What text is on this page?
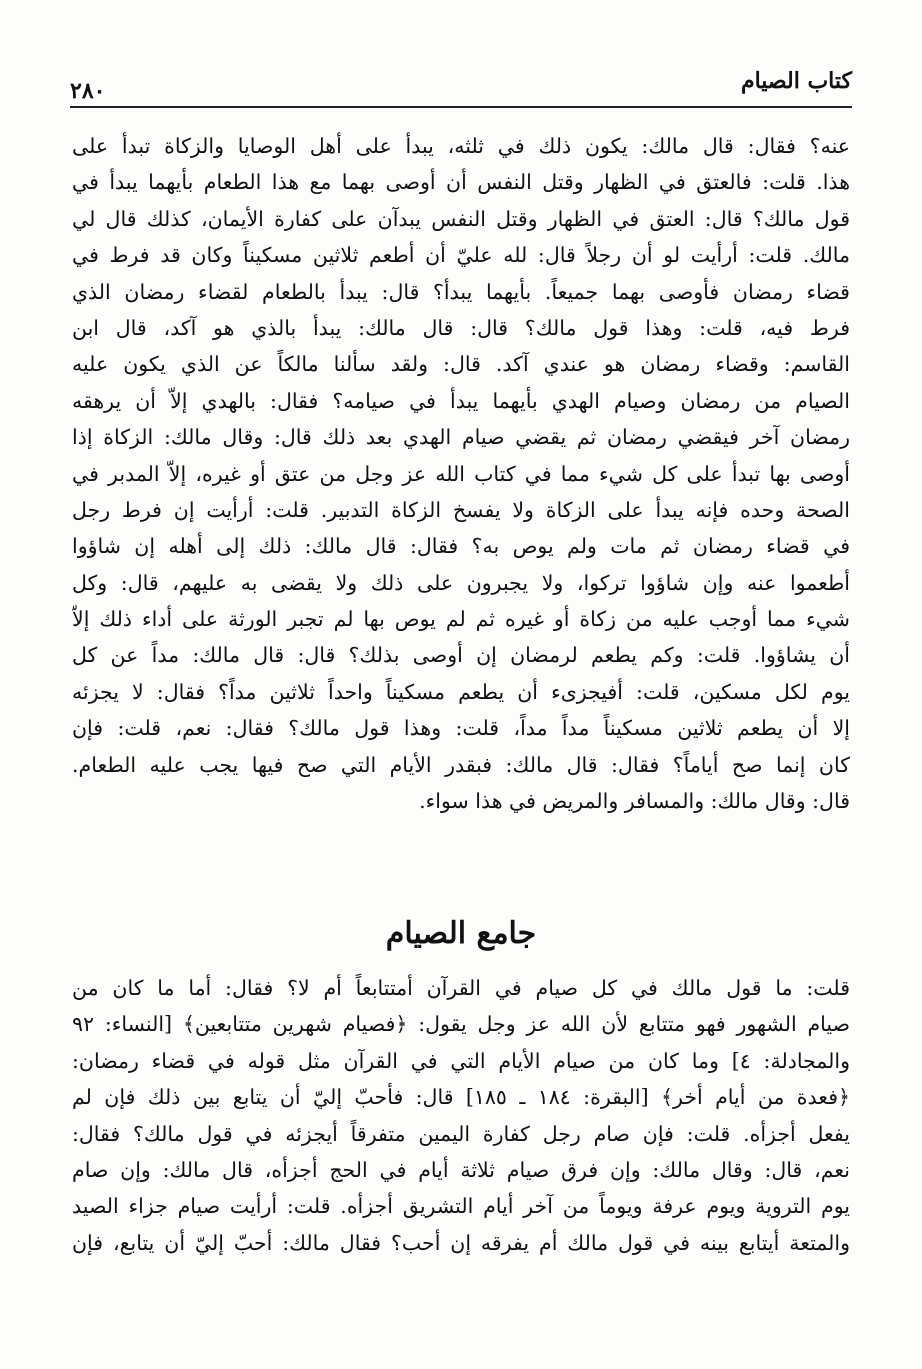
كتاب الصيام
٢٨٠
عنه؟ فقال: قال مالك: يكون ذلك في ثلثه، يبدأ على أهل الوصايا والزكاة تبدأ على
هذا. قلت: فالعتق في الظهار وقتل النفس أن أوصى بهما مع هذا الطعام بأيهما يبدأ في
قول مالك؟ قال: العتق في الظهار وقتل النفس يبدآن على كفارة الأيمان، كذلك قال لي
مالك. قلت: أرأيت لو أن رجلاً قال: لله عليّ أن أطعم ثلاثين مسكيناً وكان قد فرط في
قضاء رمضان فأوصى بهما جميعاً. بأيهما يبدأ؟ قال: يبدأ بالطعام لقضاء رمضان الذي
فرط فيه، قلت: وهذا قول مالك؟ قال: قال مالك: يبدأ بالذي هو آكد، قال ابن
القاسم: وقضاء رمضان هو عندي آكد. قال: ولقد سألنا مالكاً عن الذي يكون عليه
الصيام من رمضان وصيام الهدي بأيهما يبدأ في صيامه؟ فقال: بالهدي إلاّ أن يرهقه
رمضان آخر فيقضي رمضان ثم يقضي صيام الهدي بعد ذلك قال: وقال مالك: الزكاة إذا
أوصى بها تبدأ على كل شيء مما في كتاب الله عز وجل من عتق أو غيره، إلاّ المدبر في
الصحة وحده فإنه يبدأ على الزكاة ولا يفسخ الزكاة التدبير. قلت: أرأيت إن فرط رجل
في قضاء رمضان ثم مات ولم يوص به؟ فقال: قال مالك: ذلك إلى أهله إن شاؤوا
أطعموا عنه وإن شاؤوا تركوا، ولا يجبرون على ذلك ولا يقضى به عليهم، قال: وكل
شيء مما أوجب عليه من زكاة أو غيره ثم لم يوص بها لم تجبر الورثة على أداء ذلك إلاّ
أن يشاؤوا. قلت: وكم يطعم لرمضان إن أوصى بذلك؟ قال: قال مالك: مداً عن كل
يوم لكل مسكين، قلت: أفيجزىء أن يطعم مسكيناً واحداً ثلاثين مداً؟ فقال: لا يجزئه
إلا أن يطعم ثلاثين مسكيناً مداً مداً، قلت: وهذا قول مالك؟ فقال: نعم، قلت: فإن
كان إنما صح أياماً؟ فقال: قال مالك: فبقدر الأيام التي صح فيها يجب عليه الطعام.
قال: وقال مالك: والمسافر والمريض في هذا سواء.
جامع الصيام
قلت: ما قول مالك في كل صيام في القرآن أمتتابعاً أم لا؟ فقال: أما ما كان من
صيام الشهور فهو متتابع لأن الله عز وجل يقول: ﴿فصيام شهرين متتابعين﴾ [النساء: ٩٢
والمجادلة: ٤] وما كان من صيام الأيام التي في القرآن مثل قوله في قضاء رمضان:
﴿فعدة من أيام أخر﴾ [البقرة: ١٨٤ ـ ١٨٥] قال: فأحبّ إليّ أن يتابع بين ذلك فإن لم
يفعل أجزأه. قلت: فإن صام رجل كفارة اليمين متفرقاً أيجزئه في قول مالك؟ فقال:
نعم، قال: وقال مالك: وإن فرق صيام ثلاثة أيام في الحج أجزأه، قال مالك: وإن صام
يوم التروية ويوم عرفة ويوماً من آخر أيام التشريق أجزأه. قلت: أرأيت صيام جزاء الصيد
والمتعة أيتابع بينه في قول مالك أم يفرقه إن أحب؟ فقال مالك: أحبّ إليّ أن يتابع، فإن
